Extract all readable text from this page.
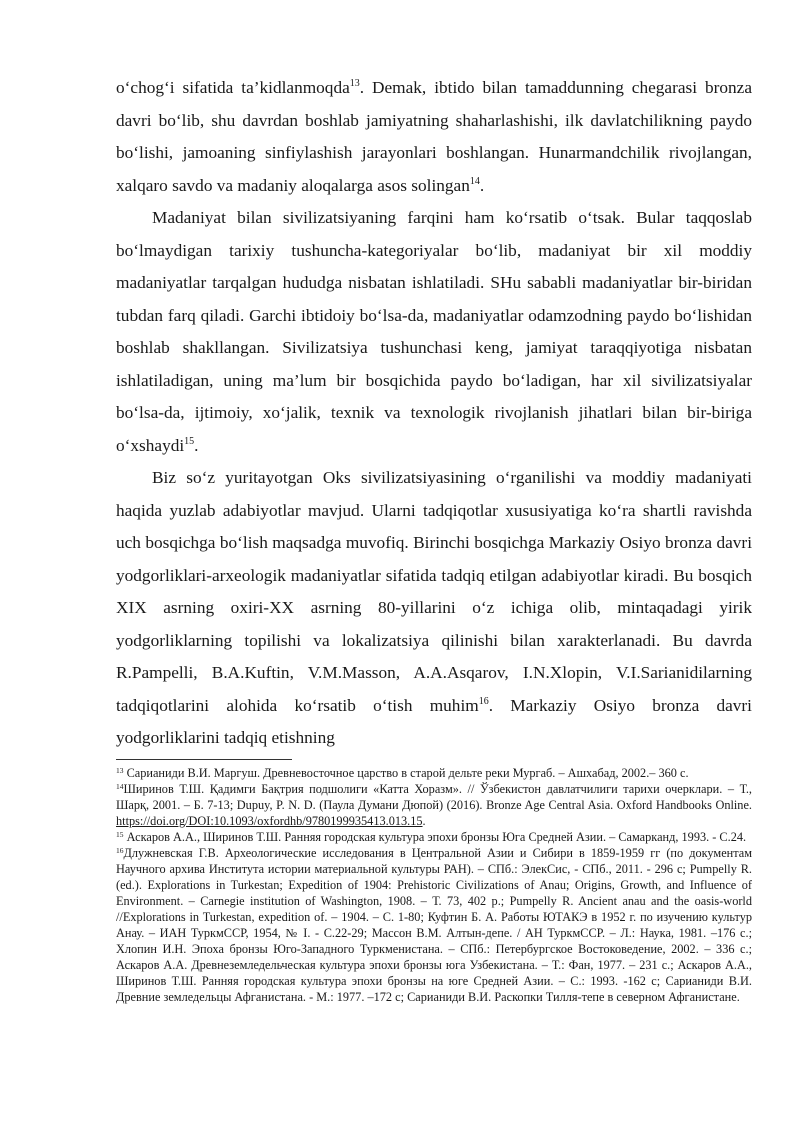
o‘chog‘i sifatida ta’kidlanmoqda$^{13}$. Demak, ibtido bilan tamaddunning chegarasi bronza davri bo‘lib, shu davrdan boshlab jamiyatning shaharlashishi, ilk davlatchilikning paydo bo‘lishi, jamoaning sinfiylashish jarayonlari boshlangan. Hunarmandchilik rivojlangan, xalqaro savdo va madaniy aloqalarga asos solingan$^{14}$.

Madaniyat bilan sivilizatsiyaning farqini ham ko‘rsatib o‘tsak. Bular taqqoslab bo‘lmaydigan tarixiy tushuncha-kategoriyalar bo‘lib, madaniyat bir xil moddiy madaniyatlar tarqalgan hududga nisbatan ishlatiladi. SHu sababli madaniyatlar bir-biridan tubdan farq qiladi. Garchi ibtidoiy bo‘lsa-da, madaniyatlar odamzodning paydo bo‘lishidan boshlab shakllangan. Sivilizatsiya tushunchasi keng, jamiyat taraqqiyotiga nisbatan ishlatiladigan, uning ma’lum bir bosqichida paydo bo‘ladigan, har xil sivilizatsiyalar bo‘lsa-da, ijtimoiy, xo‘jalik, texnik va texnologik rivojlanish jihatlari bilan bir-biriga o‘xshaydi$^{15}$.

Biz so‘z yuritayotgan Oks sivilizatsiyasining o‘rganilishi va moddiy madaniyati haqida yuzlab adabiyotlar mavjud. Ularni tadqiqotlar xususiyatiga ko‘ra shartli ravishda uch bosqichga bo‘lish maqsadga muvofiq. Birinchi bosqichga Markaziy Osiyo bronza davri yodgorliklari-arxeologik madaniyatlar sifatida tadqiq etilgan adabiyotlar kiradi. Bu bosqich XIX asrning oxiri-XX asrning 80-yillarini o‘z ichiga olib, mintaqadagi yirik yodgorliklarning topilishi va lokalizatsiya qilinishi bilan xarakterlanadi. Bu davrda R.Pampelli, B.A.Kuftin, V.M.Masson, A.A.Asqarov, I.N.Xlopin, V.I.Sarianidilarning tadqiqotlarini alohida ko‘rsatib o‘tish muhim$^{16}$. Markaziy Osiyo bronza davri yodgorliklarini tadqiq etishning

$^{13}$ Сарианиди В.И. Маргуш. Древневосточное царство в старой дельте реки Мургаб. – Ашхабад, 2002.– 360 с.

$^{14}$Ширинов Т.Ш. Қадимги Бақтрия подшолиги «Катта Хоразм». // Ўзбекистон давлатчилиги тарихи очерклари. – Т., Шарқ, 2001. – Б. 7-13; Dupuy, P. N. D. (Паула Думани Дюпой) (2016). Bronze Age Central Asia. Oxford Handbooks Online. https://doi.org/DOI:10.1093/oxfordhb/9780199935413.013.15.

$^{15}$ Аскаров А.А., Ширинов Т.Ш. Ранняя городская культура эпохи бронзы Юга Средней Азии. – Самарканд, 1993. - С.24.

$^{16}$Длужневская Г.В. Археологические исследования в Центральной Азии и Сибири в 1859-1959 гг (по документам Научного архива Института истории материальной культуры РАН). – СПб.: ЭлекСис, - СПб., 2011. - 296 с; Pumpelly R. (ed.). Explorations in Turkestan; Expedition of 1904: Prehistoric Civilizations of Anau; Origins, Growth, and Influence of Environment. – Carnegie institution of Washington, 1908. – Т. 73, 402 р.; Pumpelly R. Ancient anau and the oasis-world //Explorations in Turkestan, expedition of. – 1904. – С. 1-80; Куфтин Б. А. Работы ЮТАКЭ в 1952 г. по изучению культур Анау. – ИАН ТуркмССР, 1954, № I. - С.22-29; Массон В.М. Алтын-депе. / АН ТуркмССР. – Л.: Наука, 1981. –176 с.; Хлопин И.Н. Эпоха бронзы Юго-Западного Туркменистана. – СПб.: Петербургское Востоковедение, 2002. – 336 с.; Аскаров А.А. Древнеземледельческая культура эпохи бронзы юга Узбекистана. – Т.: Фан, 1977. – 231 с.; Аскаров А.А., Ширинов Т.Ш. Ранняя городская культура эпохи бронзы на юге Средней Азии. – С.: 1993. -162 с; Сарианиди В.И. Древние земледельцы Афганистана. - М.: 1977. –172 с; Сарианиди В.И. Раскопки Тилля-тепе в северном Афганистане.
